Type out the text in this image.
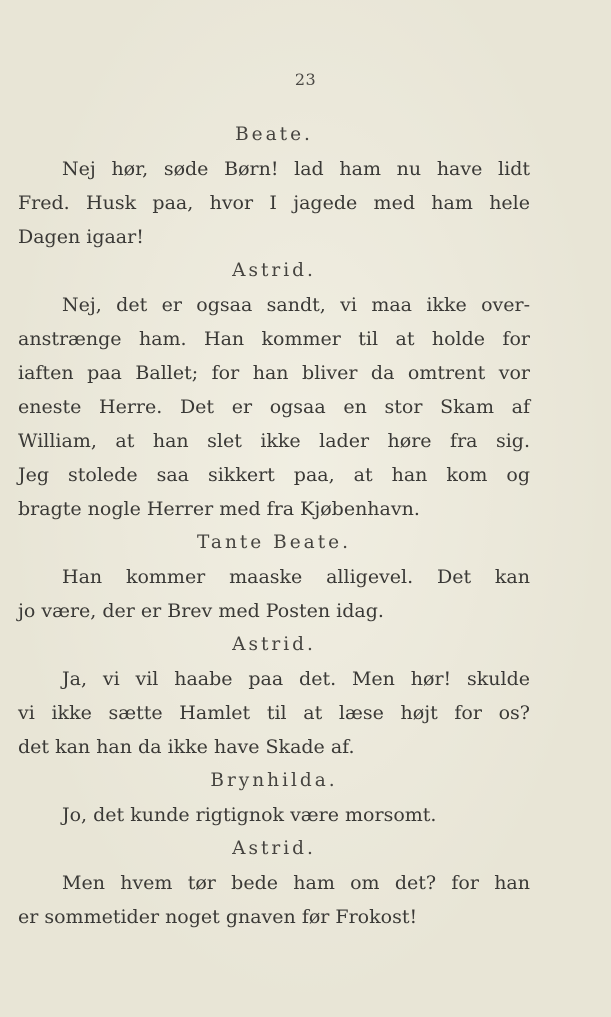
23

Beate.

Nej hør, søde Børn! lad ham nu have lidt
Fred. Husk paa, hvor I jagede med ham hele
Dagen igaar!

Astrid.

Nej, det er ogsaa sandt, vi maa ikke over-
anstrænge ham. Han kommer til at holde for
iaften paa Ballet; for han bliver da omtrent vor
eneste Herre. Det er ogsaa en stor Skam af
William, at han slet ikke lader høre fra sig.
Jeg stolede saa sikkert paa, at han kom og
bragte nogle Herrer med fra Kjøbenhavn.

Tante Beate.

Han kommer maaske alligevel. Det kan
jo være, der er Brev med Posten idag.

Astrid.

Ja, vi vil haabe paa det. Men hør! skulde
vi ikke sætte Hamlet til at læse højt for os?
det kan han da ikke have Skade af.

Brynhilda.

Jo, det kunde rigtignok være morsomt.

Astrid.

Men hvem tør bede ham om det? for han
er sommetider noget gnaven før Frokost!
